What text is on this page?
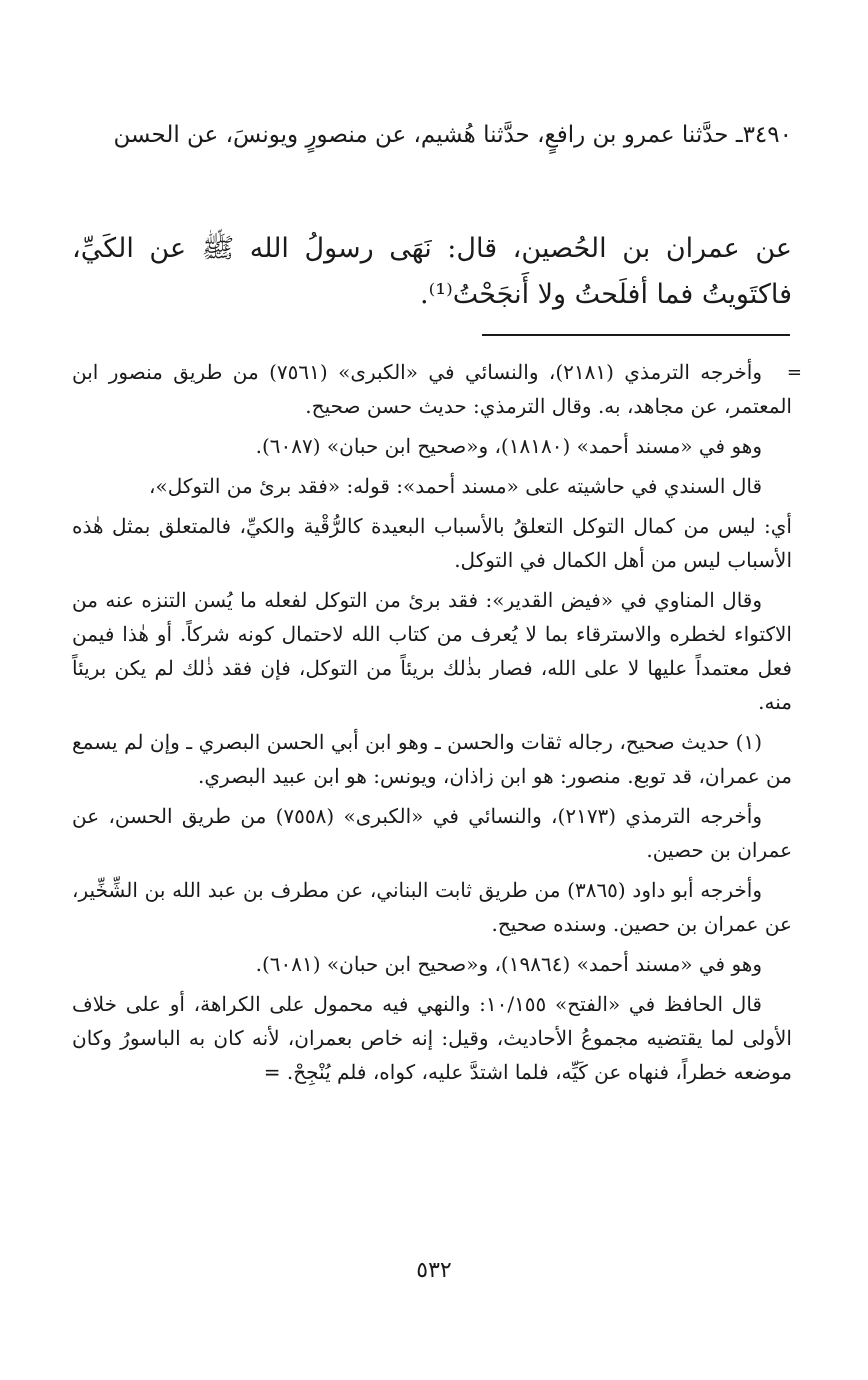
٣٤٩٠ـ حدَّثنا عمرو بن رافعٍ، حدَّثنا هُشيم، عن منصورٍ ويونسَ، عن الحسن
عن عمران بن الحُصين، قال: نَهَى رسولُ الله ﷺ عن الكَيِّ، فاكتَويتُ فما أفلَحتُ ولا أَنجَحْتُ⁽¹⁾.
=

وأخرجه الترمذي (٢١٨١)، والنسائي في «الكبرى» (٧٥٦١) من طريق منصور ابن المعتمر، عن مجاهد، به. وقال الترمذي: حديث حسن صحيح.

وهو في «مسند أحمد» (١٨١٨٠)، و«صحيح ابن حبان» (٦٠٨٧).

قال السندي في حاشيته على «مسند أحمد»: قوله: «فقد برئ من التوكل»،

أي: ليس من كمال التوكل التعلقُ بالأسباب البعيدة كالرُّقْية والكيِّ، فالمتعلق بمثل هٰذه الأسباب ليس من أهل الكمال في التوكل.

وقال المناوي في «فيض القدير»: فقد برئ من التوكل لفعله ما يُسن التنزه عنه من الاكتواء لخطره والاسترقاء بما لا يُعرف من كتاب الله لاحتمال كونه شركاً. أو هٰذا فيمن فعل معتمداً عليها لا على الله، فصار بذٰلك بريئاً من التوكل، فإن فقد ذٰلك لم يكن بريئاً منه.

(١) حديث صحيح، رجاله ثقات والحسن ـ وهو ابن أبي الحسن البصري ـ وإن لم يسمع من عمران، قد توبع. منصور: هو ابن زاذان، ويونس: هو ابن عبيد البصري.

وأخرجه الترمذي (٢١٧٣)، والنسائي في «الكبرى» (٧٥٥٨) من طريق الحسن، عن عمران بن حصين.

وأخرجه أبو داود (٣٨٦٥) من طريق ثابت البناني، عن مطرف بن عبد الله بن الشِّخِّير، عن عمران بن حصين. وسنده صحيح.

وهو في «مسند أحمد» (١٩٨٦٤)، و«صحيح ابن حبان» (٦٠٨١).

قال الحافظ في «الفتح» ١٠/١٥٥: والنهي فيه محمول على الكراهة، أو على خلاف الأولى لما يقتضيه مجموعُ الأحاديث، وقيل: إنه خاص بعمران، لأنه كان به الباسورُ وكان موضعه خطراً، فنهاه عن كَيِّه، فلما اشتدَّ عليه، كواه، فلم يُنْجِحْ. =

٥٣٢
